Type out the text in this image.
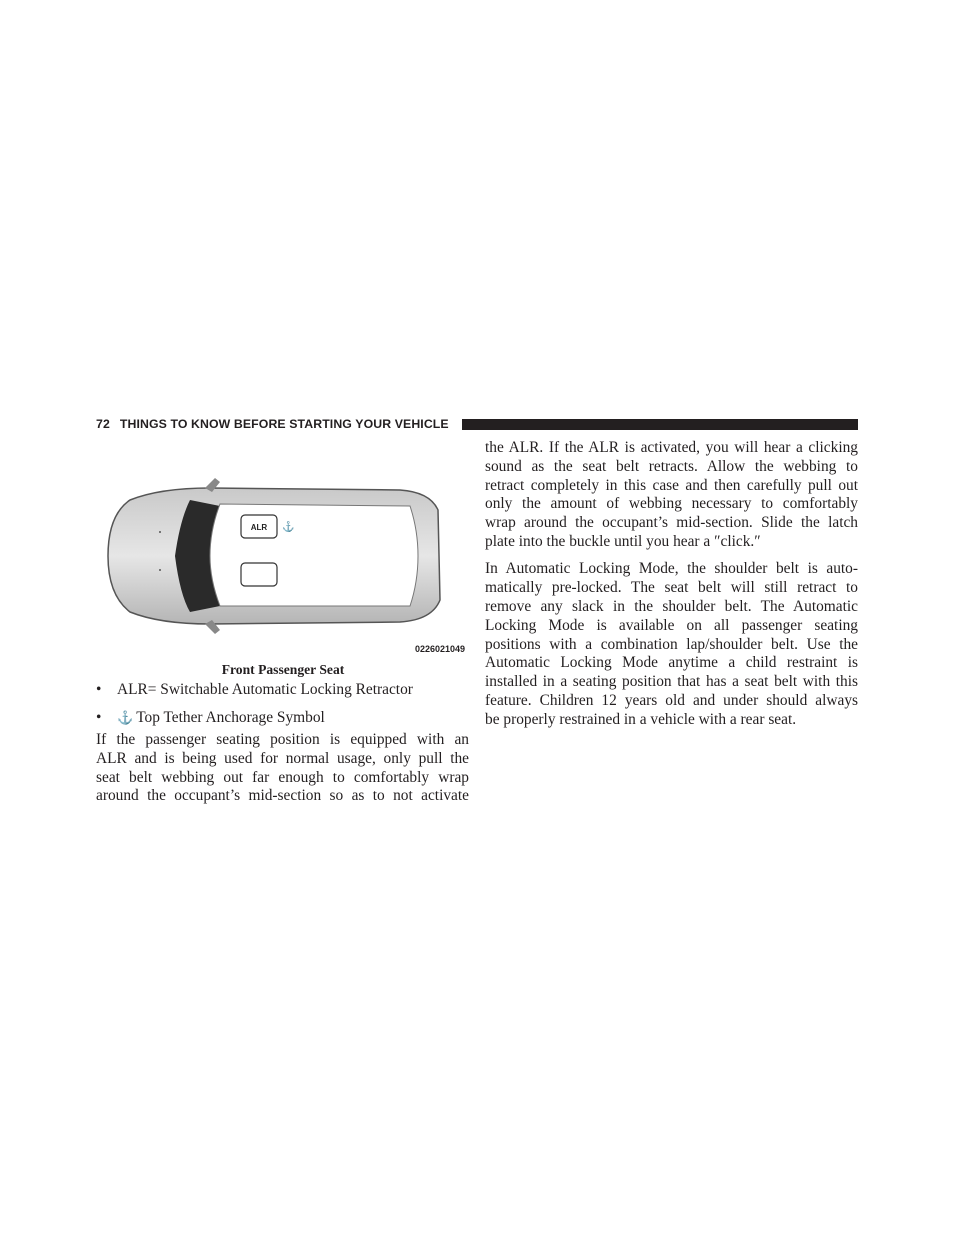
72 THINGS TO KNOW BEFORE STARTING YOUR VEHICLE
ALR ⚓
0226021049
Front Passenger Seat
• ALR= Switchable Automatic Locking Retractor
• ⚓ Top Tether Anchorage Symbol
If the passenger seating position is equipped with an
ALR and is being used for normal usage, only pull the
seat belt webbing out far enough to comfortably wrap
around the occupant’s mid-section so as to not activate
the ALR. If the ALR is activated, you will hear a clicking
sound as the seat belt retracts. Allow the webbing to
retract completely in this case and then carefully pull out
only the amount of webbing necessary to comfortably
wrap around the occupant’s mid-section. Slide the latch
plate into the buckle until you hear a ″click.″
In Automatic Locking Mode, the shoulder belt is auto-
matically pre-locked. The seat belt will still retract to
remove any slack in the shoulder belt. The Automatic
Locking Mode is available on all passenger seating
positions with a combination lap/shoulder belt. Use the
Automatic Locking Mode anytime a child restraint is
installed in a seating position that has a seat belt with this
feature. Children 12 years old and under should always
be properly restrained in a vehicle with a rear seat.
